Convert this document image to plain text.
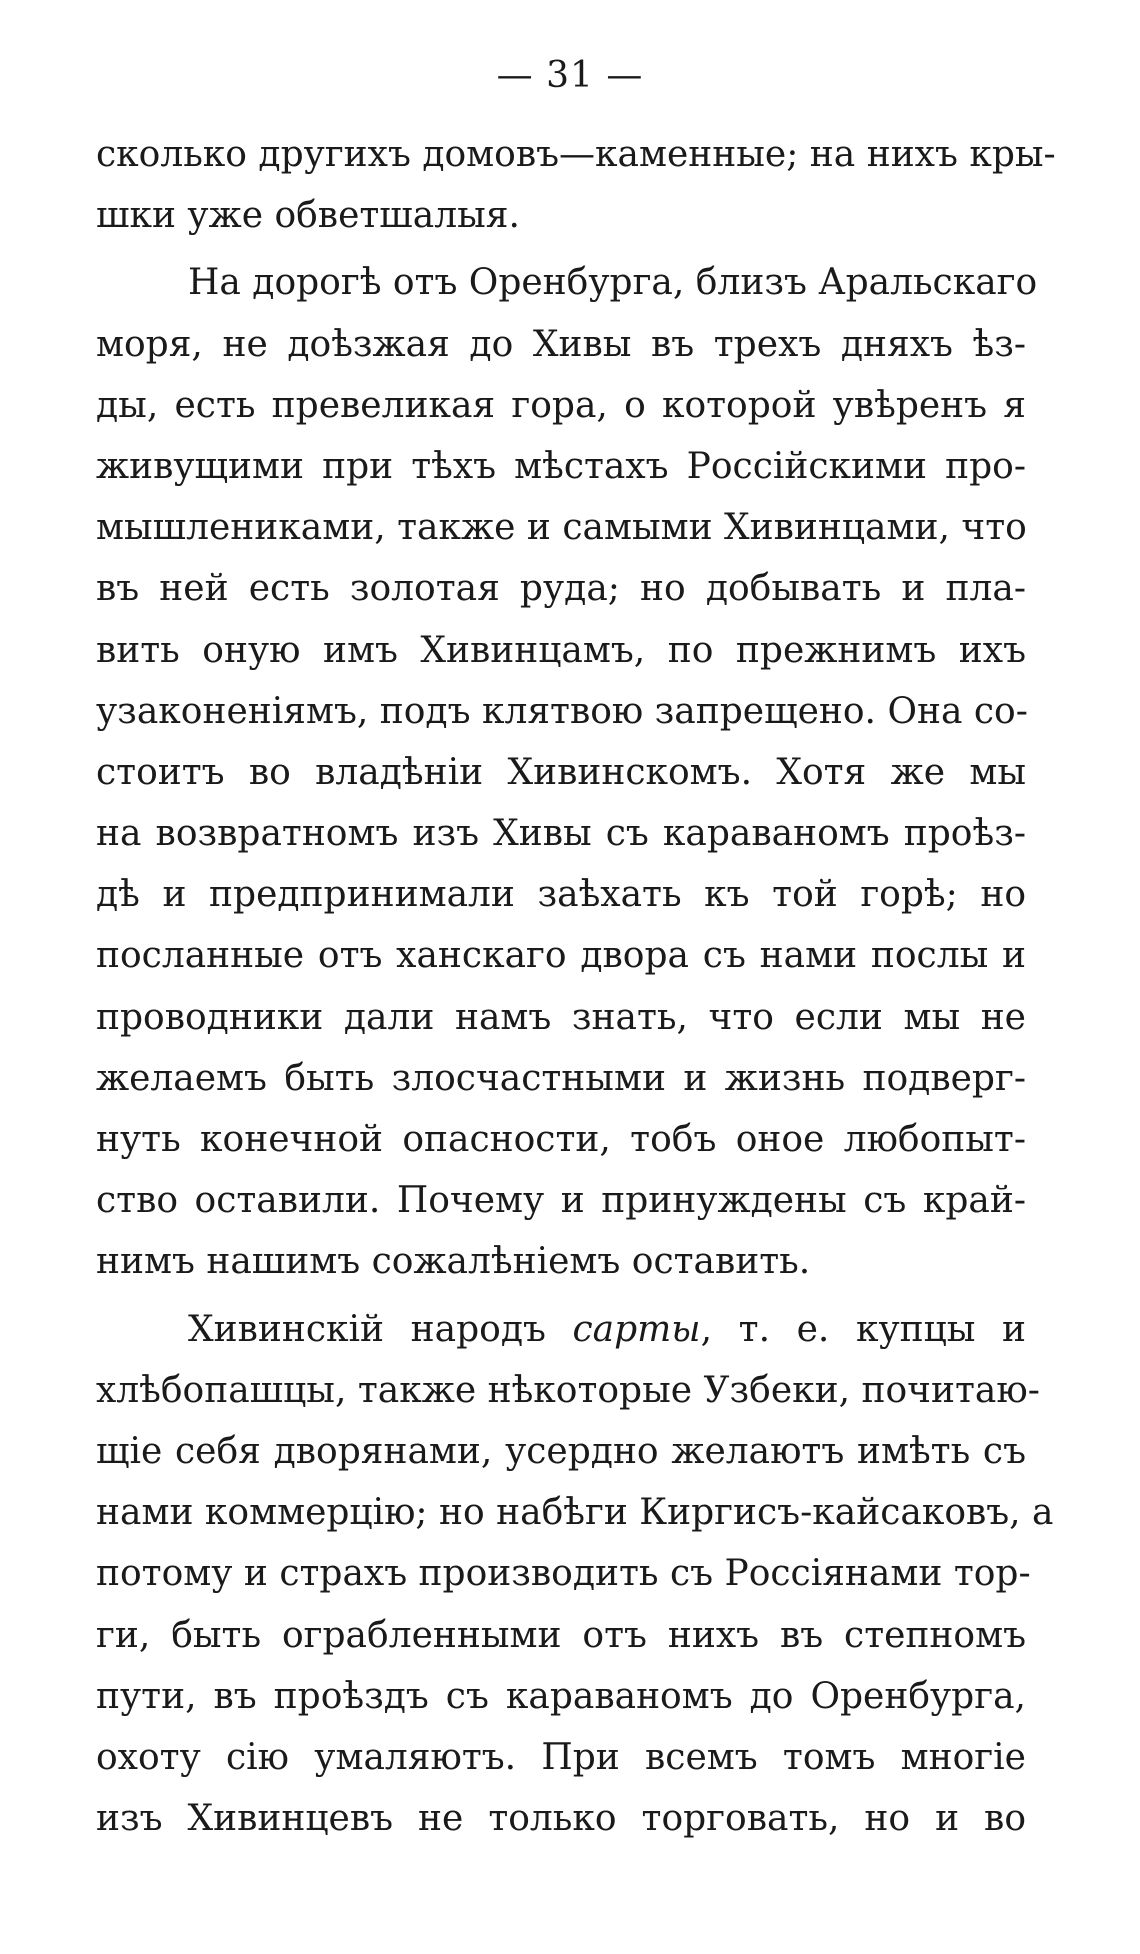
— 31 —
сколько другихъ домовъ—каменные; на нихъ кры-
шки уже обветшалыя.
На дорогѣ отъ Оренбурга, близъ Аральскаго
моря, не доѣзжая до Хивы въ трехъ дняхъ ѣз-
ды, есть превеликая гора, о которой увѣренъ я
живущими при тѣхъ мѣстахъ Россійскими про-
мышлениками, также и самыми Хивинцами, что
въ ней есть золотая руда; но добывать и пла-
вить оную имъ Хивинцамъ, по прежнимъ ихъ
узаконеніямъ, подъ клятвою запрещено. Она со-
стоитъ во владѣніи Хивинскомъ. Хотя же мы
на возвратномъ изъ Хивы съ караваномъ проѣз-
дѣ и предпринимали заѣхать къ той горѣ; но
посланные отъ ханскаго двора съ нами послы и
проводники дали намъ знать, что если мы не
желаемъ быть злосчастными и жизнь подверг-
нуть конечной опасности, тобъ оное любопыт-
ство оставили. Почему и принуждены съ край-
нимъ нашимъ сожалѣніемъ оставить.
Хивинскій народъ сарты, т. е. купцы и
хлѣбопашцы, также нѣкоторые Узбеки, почитаю-
щіе себя дворянами, усердно желаютъ имѣть съ
нами коммерцію; но набѣги Киргисъ-кайсаковъ, а
потому и страхъ производить съ Россіянами тор-
ги, быть ограбленными отъ нихъ въ степномъ
пути, въ проѣздъ съ караваномъ до Оренбурга,
охоту сію умаляютъ. При всемъ томъ многіе
изъ Хивинцевъ не только торговать, но и во
